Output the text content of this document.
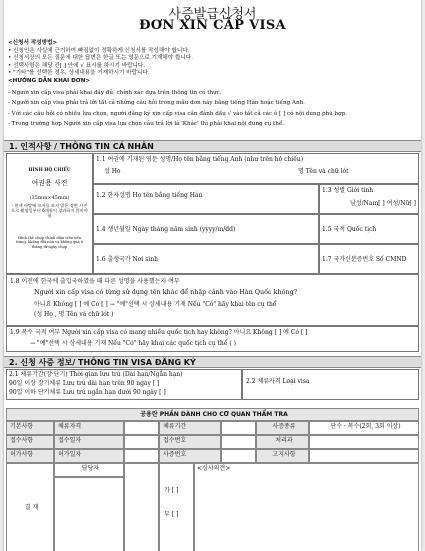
사증발급신청서
ĐƠN XIN CẤP VISA
<신청서 작성방법>
• 신청인은 사실에 근거하여 빠짐없이 정확하게 신청서를 작성해야 합니다.
• 신청서상의 모든 질문에 대한 답변은 한글 또는 영문으로 기재해야 합니다.
• 선택사항은 해당 칸[ ] 안에 √ 표시를 하시기 바랍니다.
• "기타"를 선택한 경우, 상세내용을 기재하시기 바랍니다.
<HƯỚNG DẪN KHAI ĐƠN>
- Người xin cấp visa phải khai đầy đủ, chính xác dựa trên thông tin có thực.
- Người xin cấp visa phải trả lời tất cả những câu hỏi trong mẫu đơn này bằng tiếng Hàn hoặc tiếng Anh.
- Với các câu hỏi có nhiều lựa chọn, người đăng ký xin cấp visa cần đánh dấu √ vào tất cả các ô [ ] có nội dung phù hợp.
- Trong trường hợp Người xin cấp visa lựa chọn câu trả lời là 'Khác' thì phải khai nội dung cụ thể.
1. 인적사항 / THÔNG TIN CÁ NHÂN
HÌNH HỘ CHIẾU
여권용 사진
(35mm×45mm)
- 흰색 바탕에 모자를 쓰지 않은 정면 사진으로 촬영일부터 6개월이 경과하지 않아야 함
Hình thẻ chụp chính diện trên nền trắng, không đội nón và không quá 6 tháng từ ngày chụp
1.1 여권에 기재된 영문 성명/Họ tên bằng tiếng Anh (như trên hộ chiếu)
성 Họ	명 Tên và chữ lót
1.2 한자성명 Họ tên bằng tiếng Hán
1.3 성별 Giới tính
남성/Nam[ ] 여성/Nữ[ ]
1.4 생년월일 Ngày tháng năm sinh (yyyy/m/dd)	1.5 국적 Quốc tịch
1.6 출생국가 Nơi sinh	1.7 국가신분증번호 Số CMND
1.8 이전에 한국에 출입국하였을 때 다른 성명을 사용했는지 여부
Người xin cấp visa có từng sử dụng tên khác để nhập cảnh vào Hàn Quốc không?
아니요 Không [ ] 예 Có [ ] → "예"선택 시 상세내용 기재 Nếu "Có" hãy khai tên cụ thể
(성 Họ , 명 Tên và chữ lót )
1.9 복수 국적 여부 Người xin cấp visa có mang nhiều quốc tịch hay không? 아니요 Không [ ] 예 Có [ ]
→ "예"선택 시 상세내용 기재 Nếu "Có" hãy khai các quốc tịch cụ thể ( )
2. 신청 사증 정보/ THÔNG TIN VISA ĐĂNG KÝ
2.1 체류기간(장·단기) Thời gian lưu trú (Dài hạn/Ngắn hạn)
90일 이상 장기체류 Lưu trú dài hạn trên 90 ngày [ ]
90일 이하 단기체류 Lưu trú ngắn hạn dưới 90 ngày [ ]
2.2 체류자격 Loại visa
공용란 PHẦN DÀNH CHO CƠ QUAN THẨM TRA
기본사항	체류자격	체류기간	사증종류	단수 · 복수(2회, 3회 이상)
접수사항	접수일자	접수번호	처리과
허가사항	허가일자	사증번호	고지사항
결 재
담당자
가 [ ]
부 [ ]
<심사의견>
